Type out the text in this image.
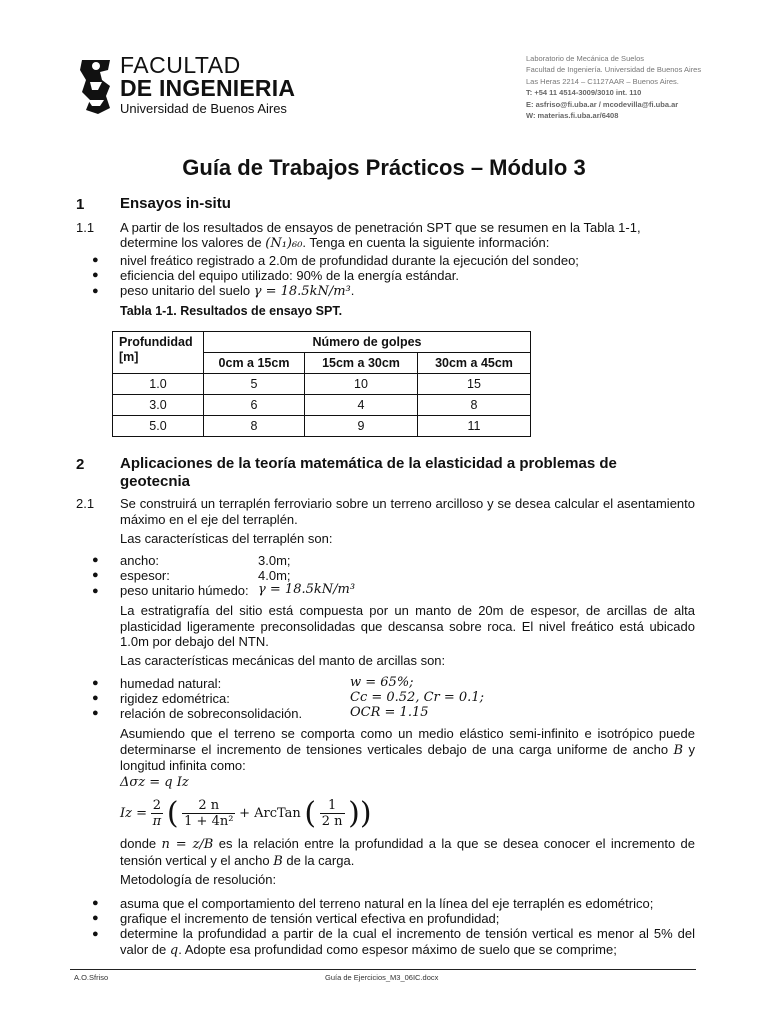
FACULTAD
DE INGENIERIA
Universidad de Buenos Aires
Laboratorio de Mecánica de Suelos
Facultad de Ingeniería. Universidad de Buenos Aires
Las Heras 2214 – C1127AAR – Buenos Aires.
T: +54 11 4514-3009/3010 int. 110
E: asfriso@fi.uba.ar / mcodevilla@fi.uba.ar
W: materias.fi.uba.ar/6408
Guía de Trabajos Prácticos – Módulo 3
1 Ensayos in-situ
1.1 A partir de los resultados de ensayos de penetración SPT que se resumen en la Tabla 1-1,
determine los valores de (N₁)₆₀. Tenga en cuenta la siguiente información:
● nivel freático registrado a 2.0m de profundidad durante la ejecución del sondeo;
● eficiencia del equipo utilizado: 90% de la energía estándar.
● peso unitario del suelo γ = 18.5kN/m³.
Tabla 1-1. Resultados de ensayo SPT.
Profundidad [m]	Número de golpes		
	0cm a 15cm	15cm a 30cm	30cm a 45cm
1.0	5	10	15
3.0	6	4	8
5.0	8	9	11
2 Aplicaciones de la teoría matemática de la elasticidad a problemas de
geotecnia
2.1 Se construirá un terraplén ferroviario sobre un terreno arcilloso y se desea calcular el asentamiento máximo en el eje del terraplén.
Las características del terraplén son:
● ancho:	3.0m;
● espesor:	4.0m;
● peso unitario húmedo: γ = 18.5kN/m³
La estratigrafía del sitio está compuesta por un manto de 20m de espesor, de arcillas de alta plasticidad ligeramente preconsolidadas que descansa sobre roca. El nivel freático está ubicado 1.0m por debajo del NTN.
Las características mecánicas del manto de arcillas son:
● humedad natural:	w = 65%;
● rigidez edométrica:	Cc = 0.52, Cr = 0.1;
● relación de sobreconsolidación.	OCR = 1.15
Asumiendo que el terreno se comporta como un medio elástico semi-infinito e isotrópico puede determinarse el incremento de tensiones verticales debajo de una carga uniforme de ancho B y longitud infinita como:
Δσz = q Iz
$Iz = \frac{2}{\pi}$ ( $\frac{2 n}{\text{1 + 4n²}}$ + ArcTan ( $\frac{1}{2 n}$ ))
donde n = z/B es la relación entre la profundidad a la que se desea conocer el incremento de tensión vertical y el ancho B de la carga.
Metodología de resolución:
● asuma que el comportamiento del terreno natural en la línea del eje terraplén es edométrico;
● grafique el incremento de tensión vertical efectiva en profundidad;
● determine la profundidad a partir de la cual el incremento de tensión vertical es menor al 5% del valor de q. Adopte esa profundidad como espesor máximo de suelo que se comprime;
A.O.Sfriso	Guía de Ejercicios_M3_06IC.docx
